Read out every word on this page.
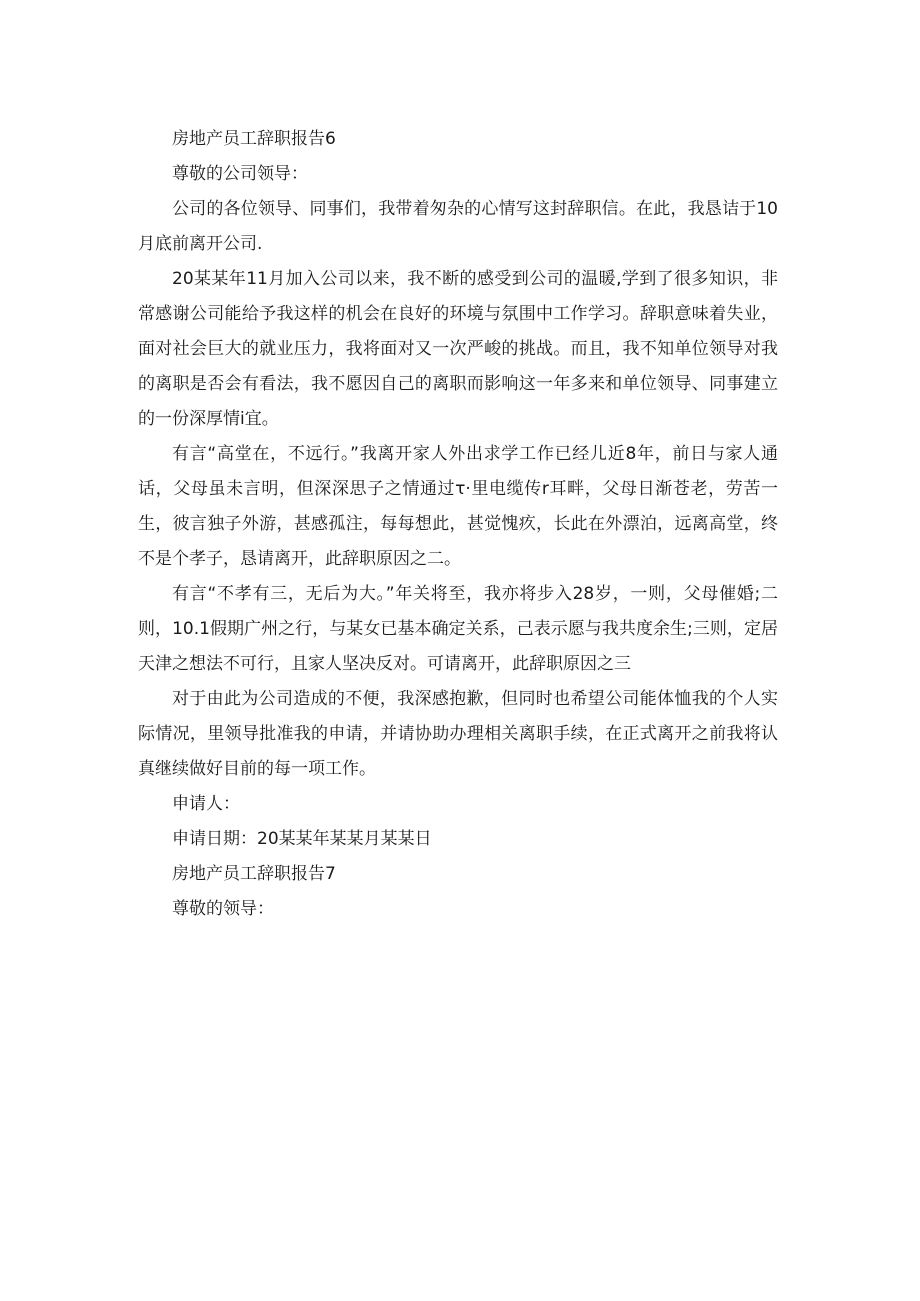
房地产员工辞职报告6

尊敬的公司领导：

公司的各位领导、同事们，我带着匆杂的心情写这封辞职信。在此，我恳诘于10月底前离开公司.

20某某年11月加入公司以来，我不断的感受到公司的温暖,学到了很多知识，非常感谢公司能给予我这样的机会在良好的环境与氛围中工作学习。辞职意味着失业，面对社会巨大的就业压力，我将面对又一次严峻的挑战。而且，我不知单位领导对我的离职是否会有看法，我不愿因自己的离职而影响这一年多来和单位领导、同事建立的一份深厚情i宜。

有言“高堂在，不远行。”我离开家人外出求学工作已经儿近8年，前日与家人通话，父母虽未言明，但深深思子之情通过τ·里电缆传r耳畔，父母日渐苍老，劳苦一生，彼言独子外游，甚感孤注，每每想此，甚觉愧疚，长此在外漂泊，远离高堂，终不是个孝子，恳请离开，此辞职原因之二。

有言“不孝有三，无后为大。”年关将至，我亦将步入28岁，一则，父母催婚;二则，10.1假期广州之行，与某女已基本确定关系，己表示愿与我共度余生;三则，定居天津之想法不可行，且家人坚决反对。可请离开，此辞职原因之三

对于由此为公司造成的不便，我深感抱歉，但同时也希望公司能体恤我的个人实际情况，里领导批准我的申请，并请协助办理相关离职手续，在正式离开之前我将认真继续做好目前的每一项工作。

申请人：

申请日期：20某某年某某月某某日

房地产员工辞职报告7

尊敬的领导：
